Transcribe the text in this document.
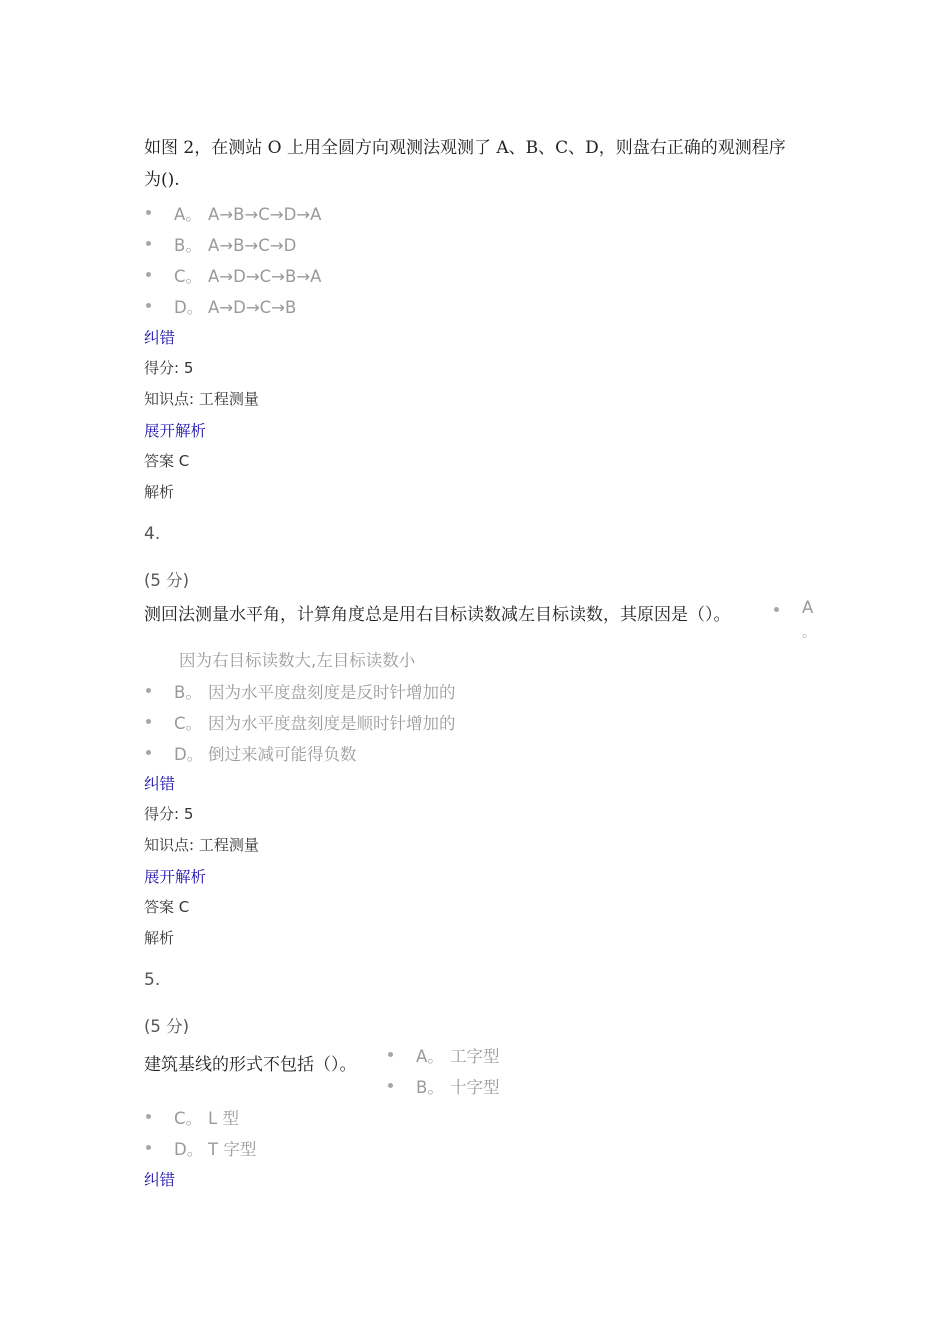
如图 2，在测站 O 上用全圆方向观测法观测了 A、B、C、D，则盘右正确的观测程序
为().
A。 A→B→C→D→A
B。 A→B→C→D
C。 A→D→C→B→A
D。 A→D→C→B
纠错
得分: 5
知识点: 工程测量
展开解析
答案 C
解析
4.
(5 分)
测回法测量水平角，计算角度总是用右目标读数减左目标读数，其原因是（）。	A
。
因为右目标读数大,左目标读数小
B。 因为水平度盘刻度是反时针增加的
C。 因为水平度盘刻度是顺时针增加的
D。 倒过来减可能得负数
纠错
得分: 5
知识点: 工程测量
展开解析
答案 C
解析
5.
(5 分)
建筑基线的形式不包括（）。	A。 工字型
B。 十字型
C。 L 型
D。 T 字型
纠错
